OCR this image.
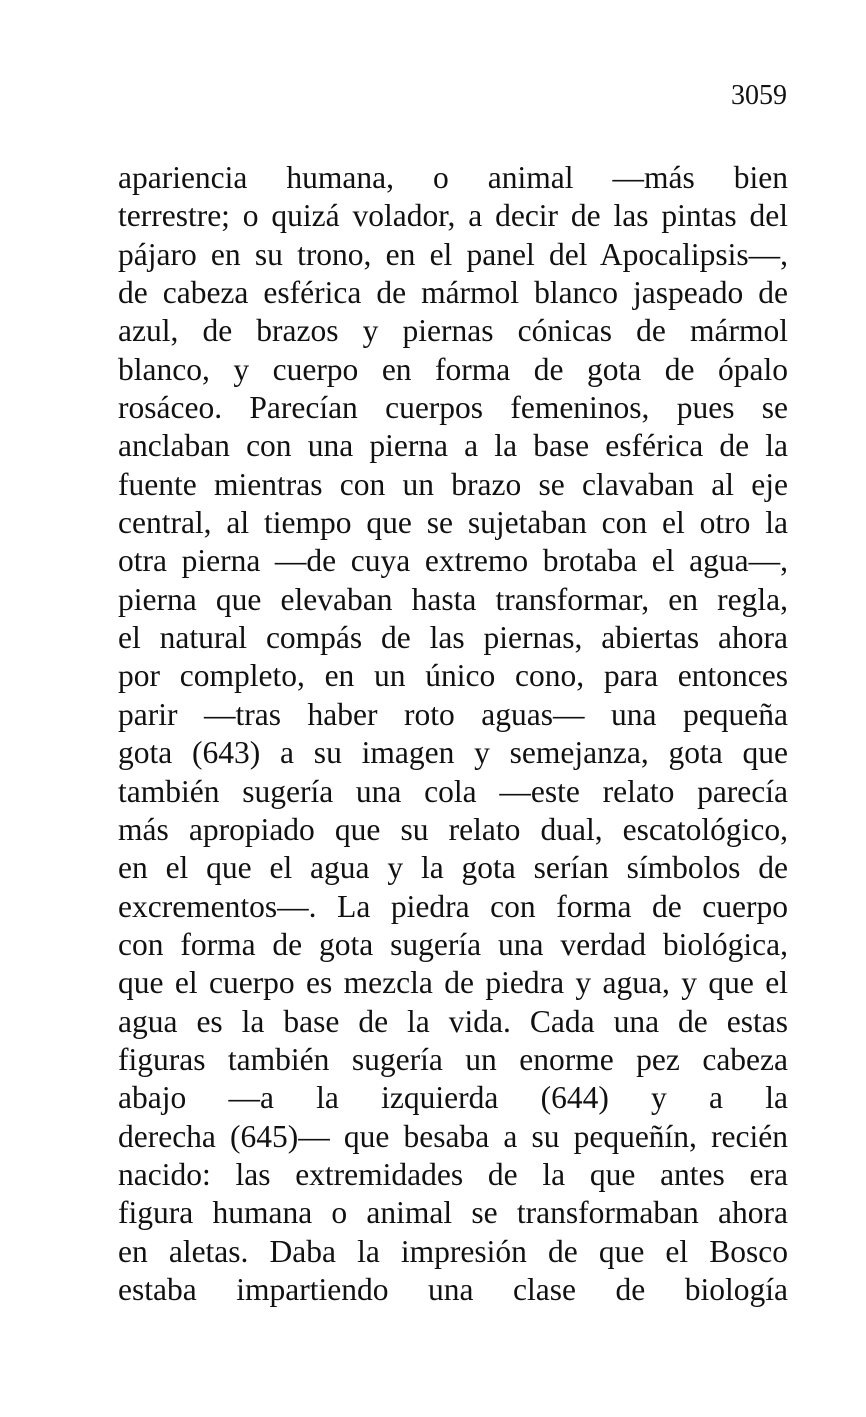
3059
apariencia humana, o animal —más bien
terrestre; o quizá volador, a decir de las pintas del
pájaro en su trono, en el panel del Apocalipsis—,
de cabeza esférica de mármol blanco jaspeado de
azul, de brazos y piernas cónicas de mármol
blanco, y cuerpo en forma de gota de ópalo
rosáceo. Parecían cuerpos femeninos, pues se
anclaban con una pierna a la base esférica de la
fuente mientras con un brazo se clavaban al eje
central, al tiempo que se sujetaban con el otro la
otra pierna —de cuya extremo brotaba el agua—,
pierna que elevaban hasta transformar, en regla,
el natural compás de las piernas, abiertas ahora
por completo, en un único cono, para entonces
parir —tras haber roto aguas— una pequeña
gota (643) a su imagen y semejanza, gota que
también sugería una cola —este relato parecía
más apropiado que su relato dual, escatológico,
en el que el agua y la gota serían símbolos de
excrementos—. La piedra con forma de cuerpo
con forma de gota sugería una verdad biológica,
que el cuerpo es mezcla de piedra y agua, y que el
agua es la base de la vida. Cada una de estas
figuras también sugería un enorme pez cabeza
abajo —a la izquierda (644) y a la
derecha (645)— que besaba a su pequeñín, recién
nacido: las extremidades de la que antes era
figura humana o animal se transformaban ahora
en aletas. Daba la impresión de que el Bosco
estaba impartiendo una clase de biología
